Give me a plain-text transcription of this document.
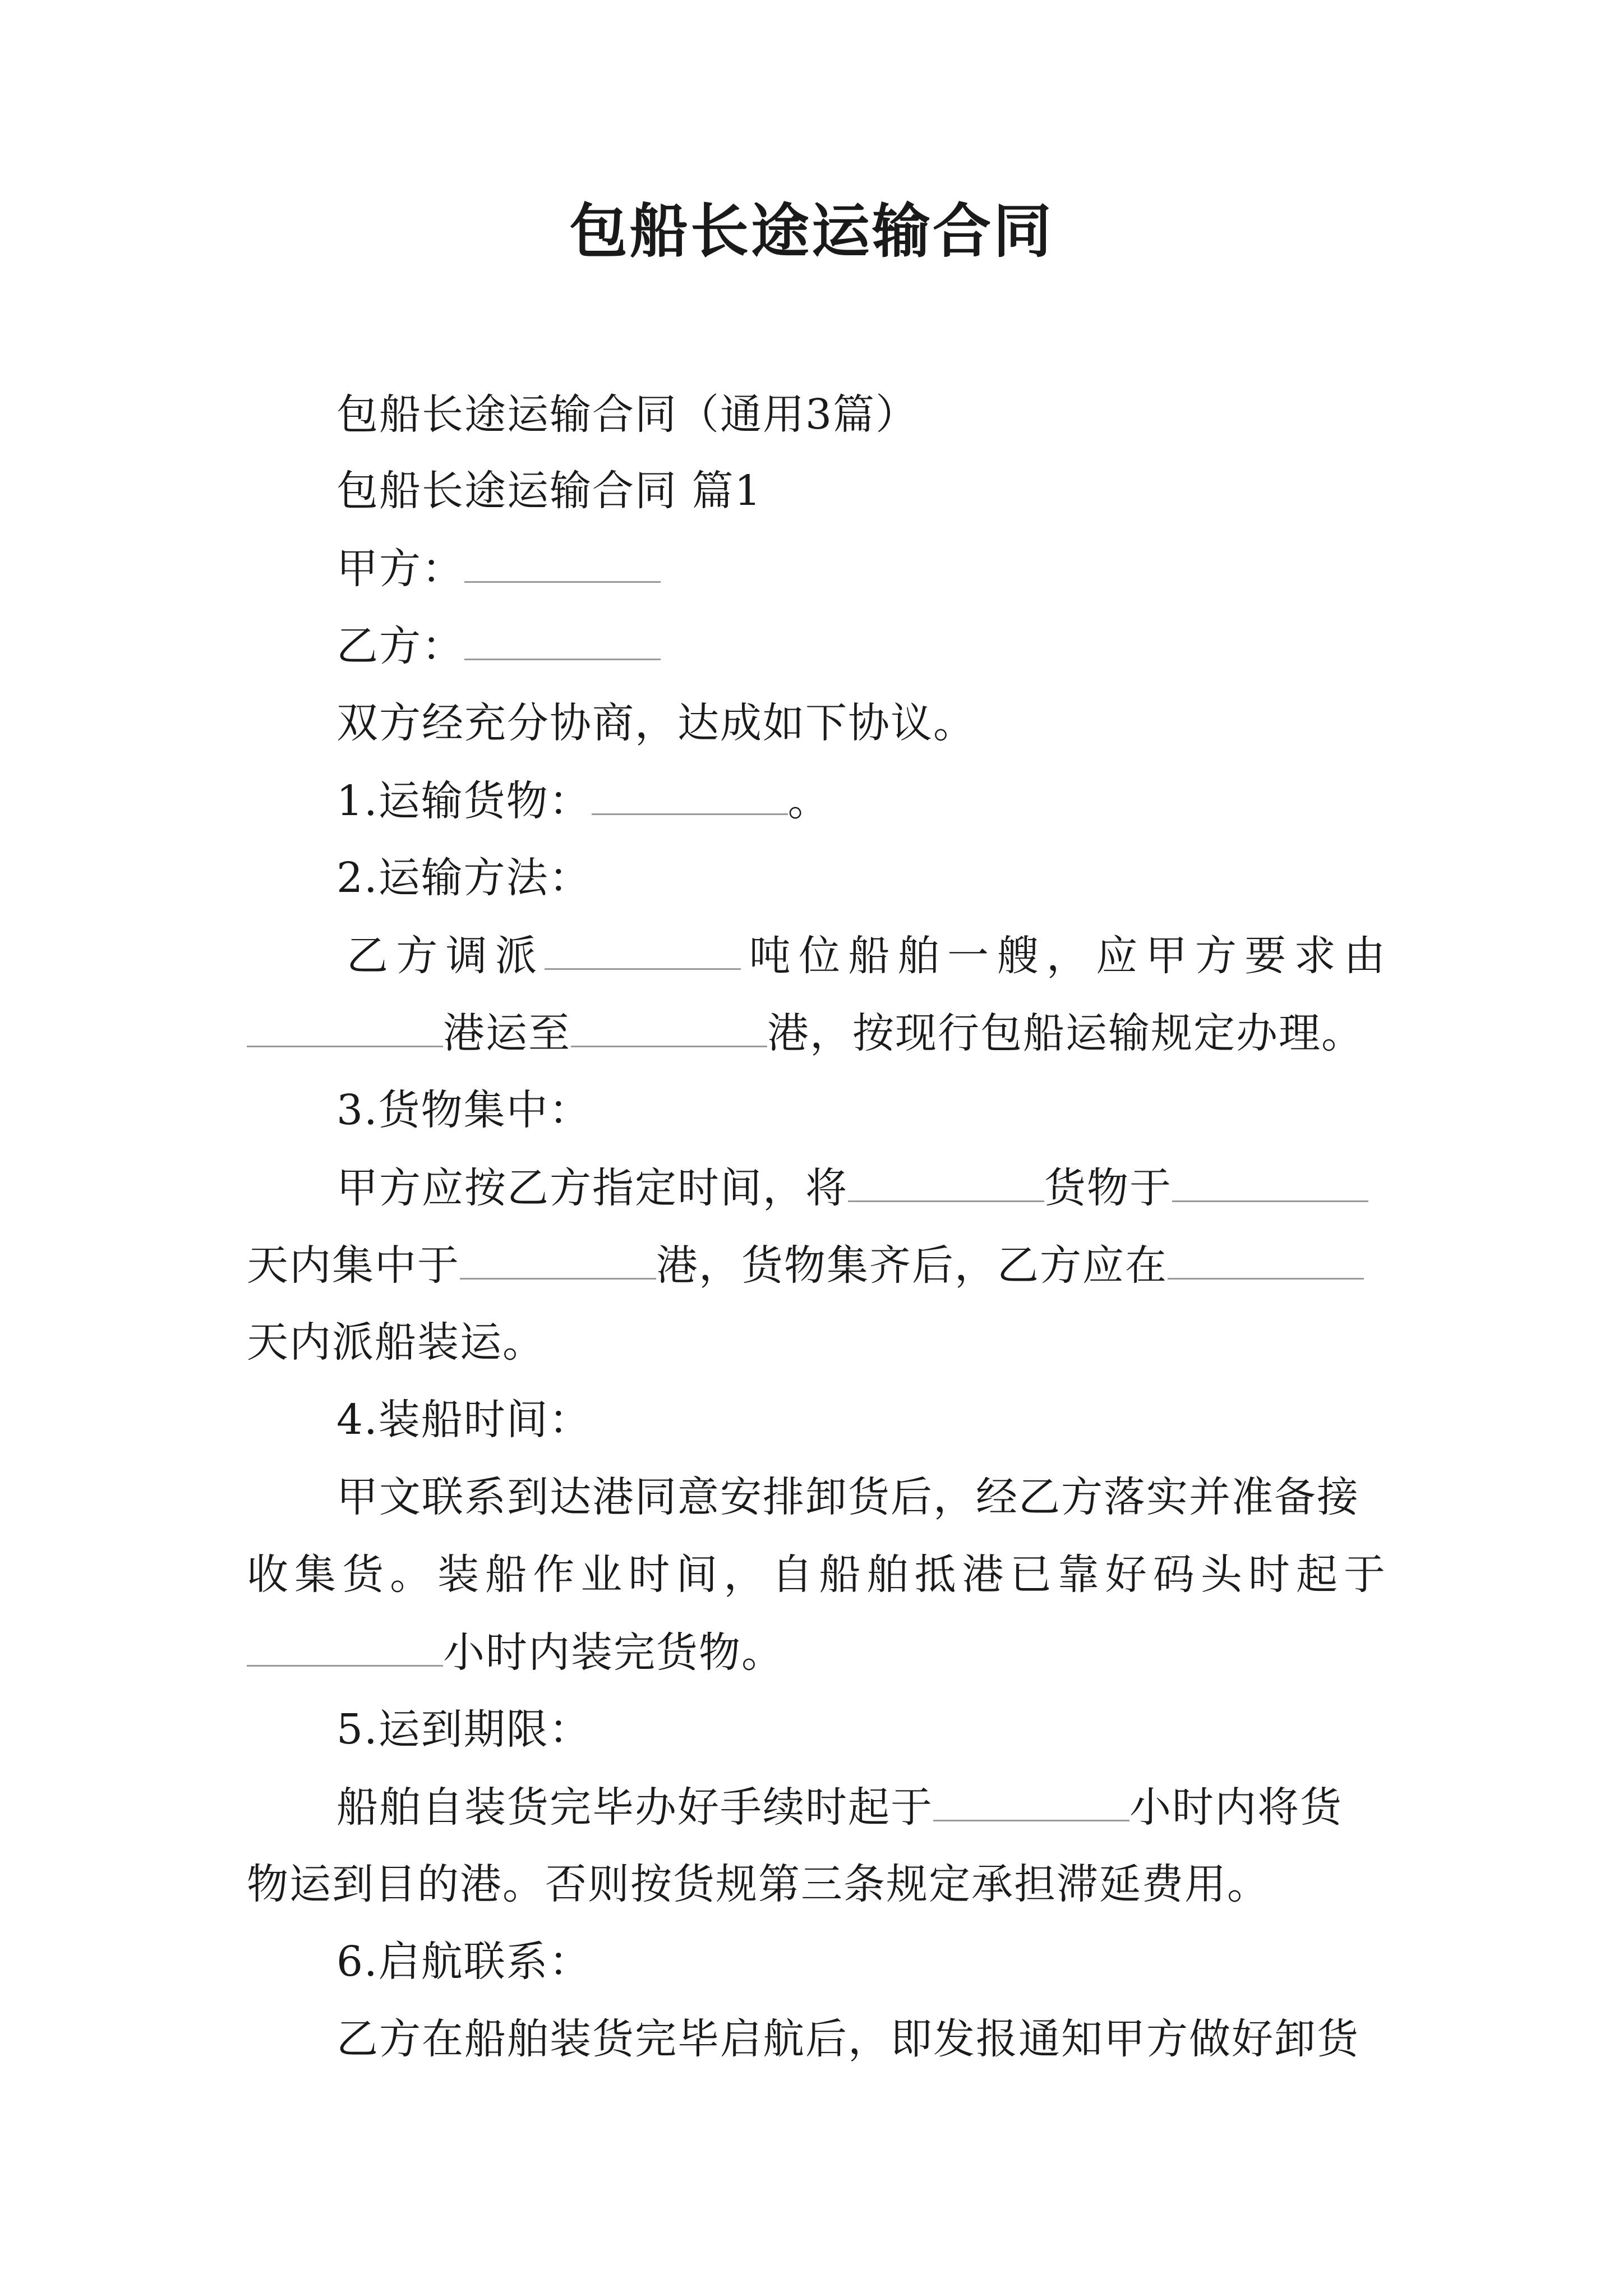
包船长途运输合同
包船长途运输合同（通用3篇）
包船长途运输合同 篇1
甲方：
乙方：
双方经充分协商，达成如下协议。
1.运输货物：	。
2.运输方法：
乙方调派	吨位船舶一艘，应甲方要求由
港运至	港，按现行包船运输规定办理。
3.货物集中：
甲方应按乙方指定时间，将	货物于
天内集中于	港，货物集齐后，乙方应在
天内派船装运。
4.装船时间：
甲文联系到达港同意安排卸货后，经乙方落实并准备接
收集货。装船作业时间，自船舶抵港已靠好码头时起于
小时内装完货物。
5.运到期限：
船舶自装货完毕办好手续时起于	小时内将货
物运到目的港。否则按货规第三条规定承担滞延费用。
6.启航联系：
乙方在船舶装货完毕启航后，即发报通知甲方做好卸货
